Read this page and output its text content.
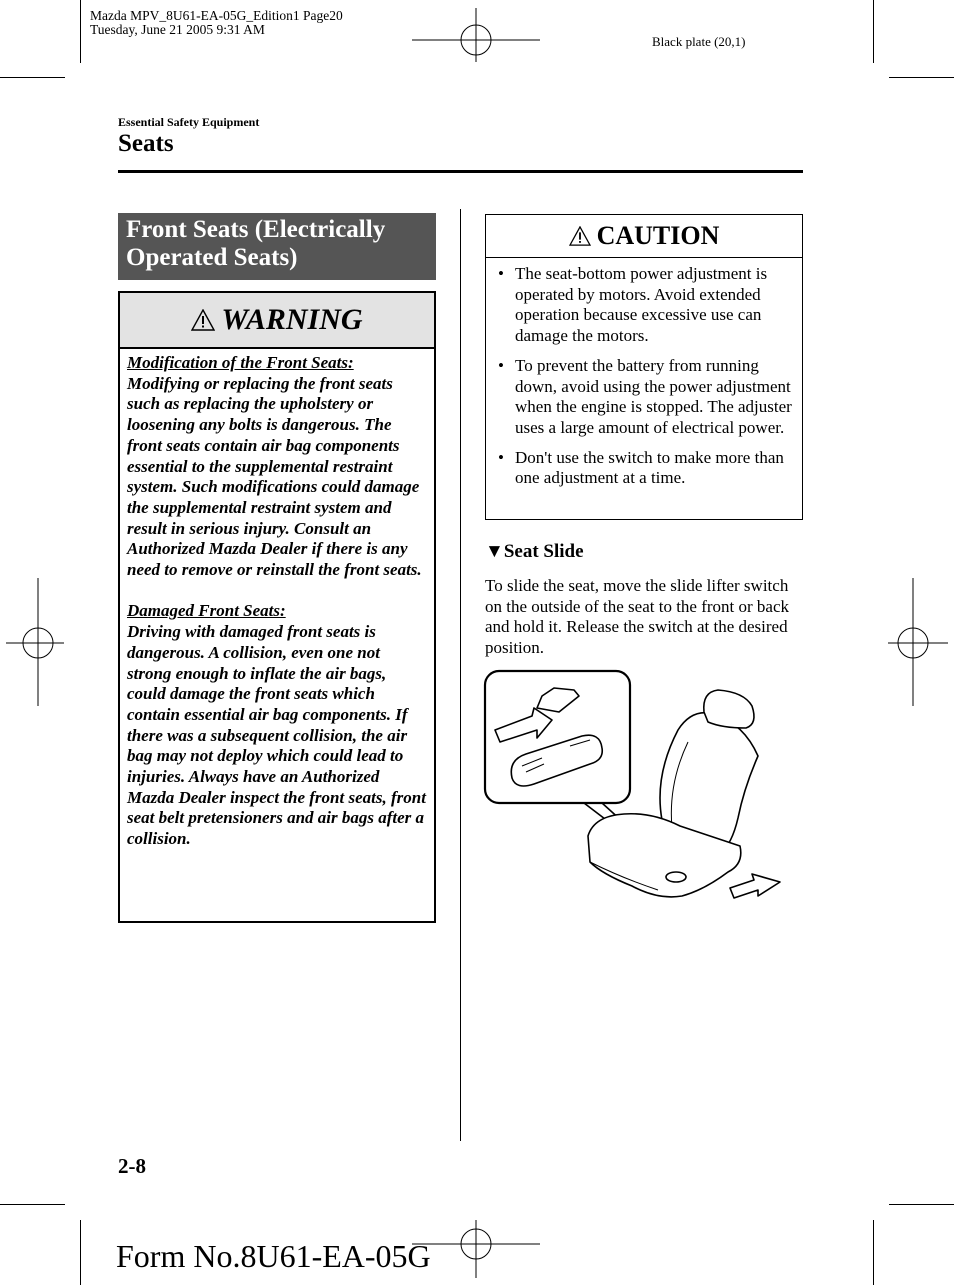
Mazda MPV_8U61-EA-05G_Edition1 Page20
Tuesday, June 21 2005 9:31 AM
Black plate (20,1)
Essential Safety Equipment
Seats
Front Seats (Electrically
Operated Seats)
WARNING
Modification of the Front Seats:

Modifying or replacing the front seats such as replacing the upholstery or loosening any bolts is dangerous. The front seats contain air bag components essential to the supplemental restraint system. Such modifications could damage the supplemental restraint system and result in serious injury. Consult an Authorized Mazda Dealer if there is any need to remove or reinstall the front seats.

Damaged Front Seats:

Driving with damaged front seats is dangerous. A collision, even one not strong enough to inflate the air bags, could damage the front seats which contain essential air bag components. If there was a subsequent collision, the air bag may not deploy which could lead to injuries. Always have an Authorized Mazda Dealer inspect the front seats, front seat belt pretensioners and air bags after a collision.

CAUTION
• The seat-bottom power adjustment is operated by motors. Avoid extended operation because excessive use can damage the motors.
• To prevent the battery from running down, avoid using the power adjustment when the engine is stopped. The adjuster uses a large amount of electrical power.
• Don't use the switch to make more than one adjustment at a time.
▼Seat Slide
To slide the seat, move the slide lifter switch on the outside of the seat to the front or back and hold it. Release the switch at the desired position.
2-8
Form No.8U61-EA-05G
